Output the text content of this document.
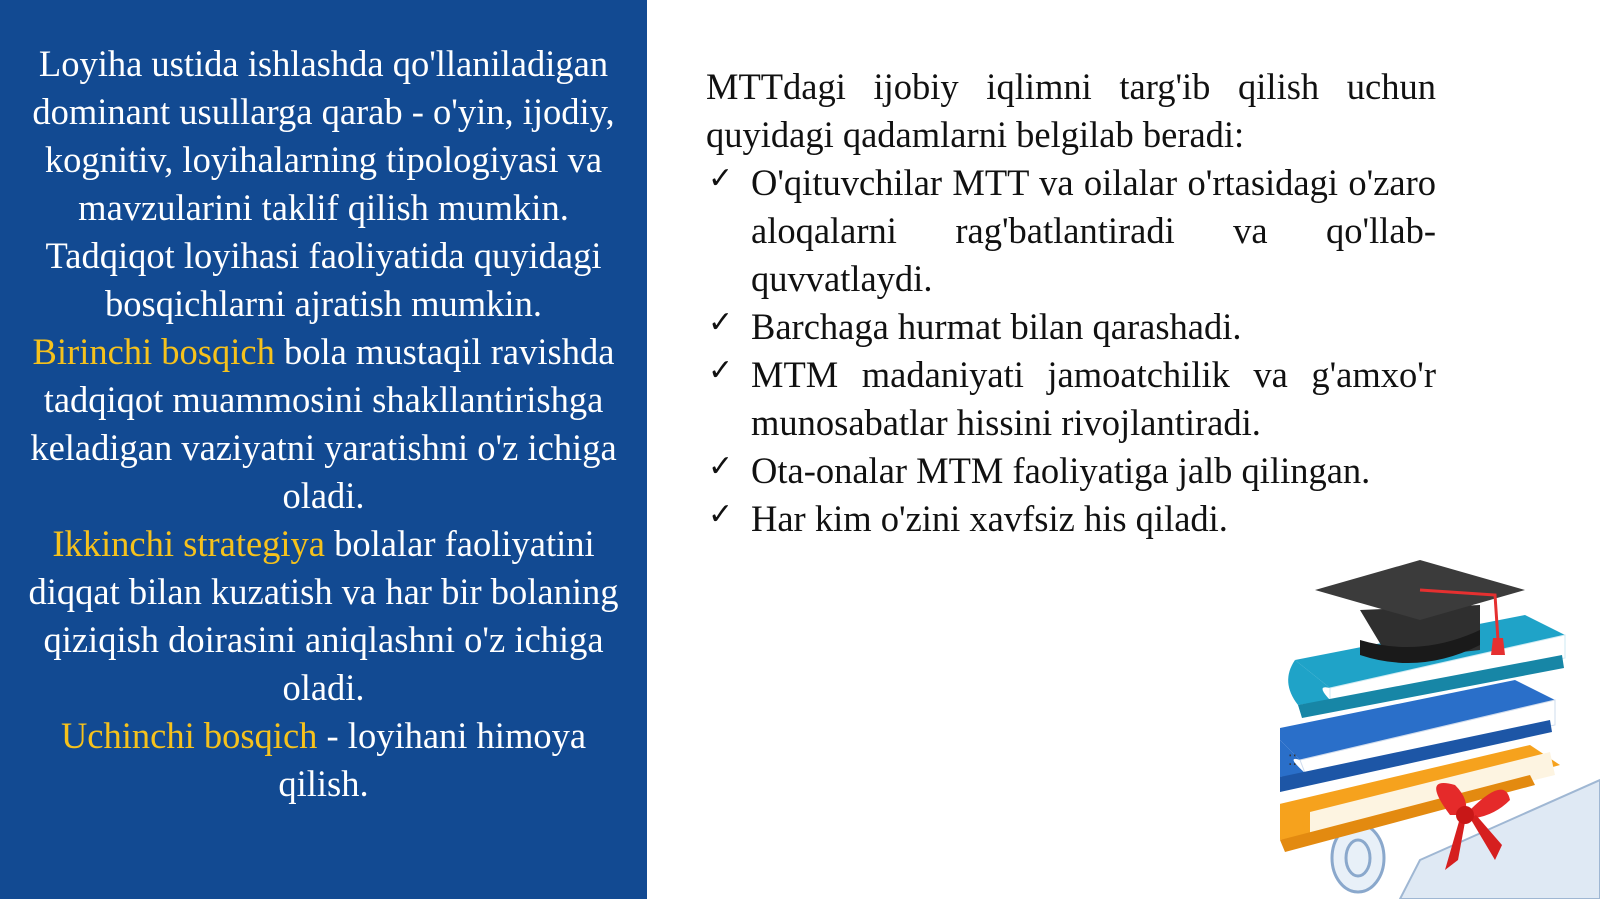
Loyiha ustida ishlashda qo'llaniladigan dominant usullarga qarab - o'yin, ijodiy, kognitiv, loyihalarning tipologiyasi va mavzularini taklif qilish mumkin.

Tadqiqot loyihasi faoliyatida quyidagi bosqichlarni ajratish mumkin.

Birinchi bosqich bola mustaqil ravishda tadqiqot muammosini shakllantirishga keladigan vaziyatni yaratishni o'z ichiga oladi.

Ikkinchi strategiya bolalar faoliyatini diqqat bilan kuzatish va har bir bolaning qiziqish doirasini aniqlashni o'z ichiga oladi.

Uchinchi bosqich - loyihani himoya qilish.

MTTdagi ijobiy iqlimni targ'ib qilish uchun quyidagi qadamlarni belgilab beradi:

✓ O'qituvchilar MTT va oilalar o'rtasidagi o'zaro aloqalarni rag'batlantiradi va qo'llab-quvvatlaydi.
✓ Barchaga hurmat bilan qarashadi.
✓ MTM madaniyati jamoatchilik va g'amxo'r munosabatlar hissini rivojlantiradi.
✓ Ota-onalar MTM faoliyatiga jalb qilingan.
✓ Har kim o'zini xavfsiz his qiladi.
⁚⁚
